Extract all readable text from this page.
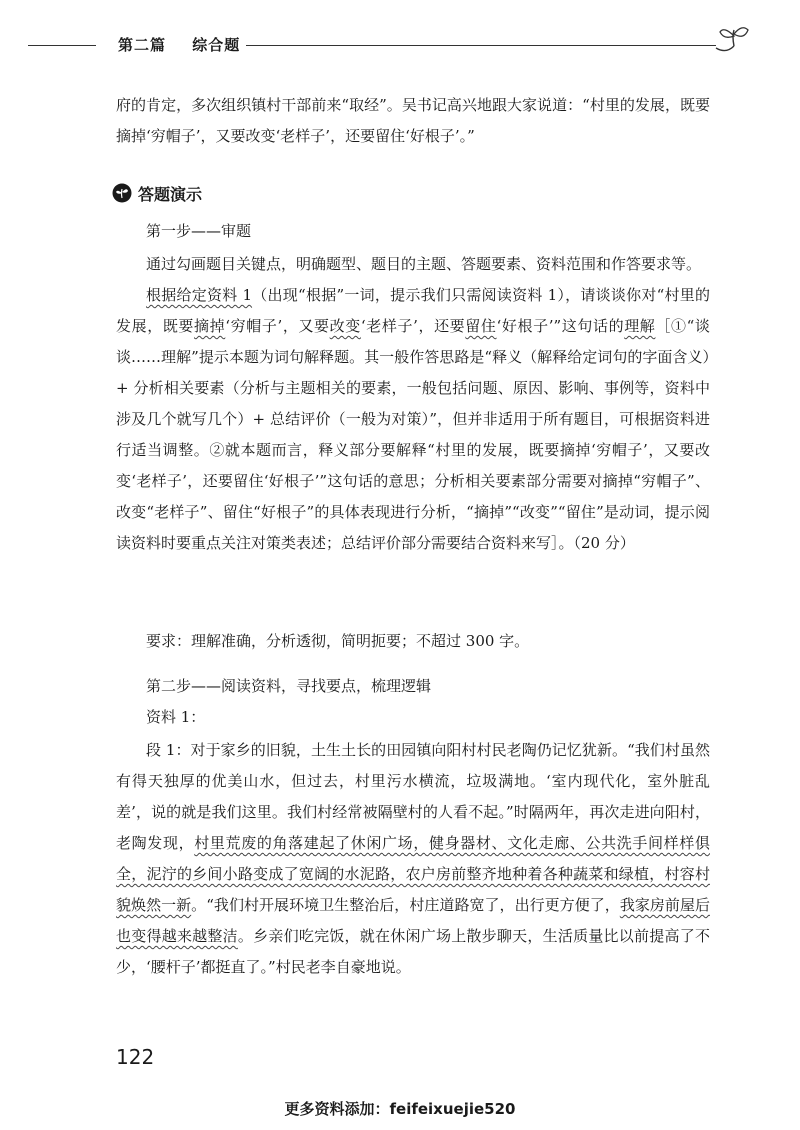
第二篇 综合题

府的肯定，多次组织镇村干部前来“取经”。吴书记高兴地跟大家说道：“村里的发展，既要摘掉‘穷帽子’，又要改变‘老样子’，还要留住‘好根子’。”

答题演示
第一步——审题

通过勾画题目关键点，明确题型、题目的主题、答题要素、资料范围和作答要求等。

根据给定资料 1（出现“根据”一词，提示我们只需阅读资料 1），请谈谈你对“村里的发展，既要摘掉‘穷帽子’，又要改变‘老样子’，还要留住‘好根子’”这句话的理解［①“谈谈……理解”提示本题为词句解释题。其一般作答思路是“释义（解释给定词句的字面含义）+ 分析相关要素（分析与主题相关的要素，一般包括问题、原因、影响、事例等，资料中涉及几个就写几个）+ 总结评价（一般为对策）”，但并非适用于所有题目，可根据资料进行适当调整。②就本题而言，释义部分要解释“村里的发展，既要摘掉‘穷帽子’，又要改变‘老样子’，还要留住‘好根子’”这句话的意思；分析相关要素部分需要对摘掉“穷帽子”、改变“老样子”、留住“好根子”的具体表现进行分析，“摘掉”“改变”“留住”是动词，提示阅读资料时要重点关注对策类表述；总结评价部分需要结合资料来写］。（20 分）

要求：理解准确，分析透彻，简明扼要；不超过 300 字。

第二步——阅读资料，寻找要点，梳理逻辑
资料 1：

段 1：对于家乡的旧貌，土生土长的田园镇向阳村村民老陶仍记忆犹新。“我们村虽然有得天独厚的优美山水，但过去，村里污水横流，垃圾满地。‘室内现代化，室外脏乱差’，说的就是我们这里。我们村经常被隔壁村的人看不起。”时隔两年，再次走进向阳村，老陶发现，村里荒废的角落建起了休闲广场，健身器材、文化走廊、公共洗手间样样俱全，泥泞的乡间小路变成了宽阔的水泥路，农户房前整齐地种着各种蔬菜和绿植，村容村貌焕然一新。“我们村开展环境卫生整治后，村庄道路宽了，出行更方便了，我家房前屋后也变得越来越整洁。乡亲们吃完饭，就在休闲广场上散步聊天，生活质量比以前提高了不少，‘腰杆子’都挺直了。”村民老李自豪地说。

122
更多资料添加：feifeixuejie520
